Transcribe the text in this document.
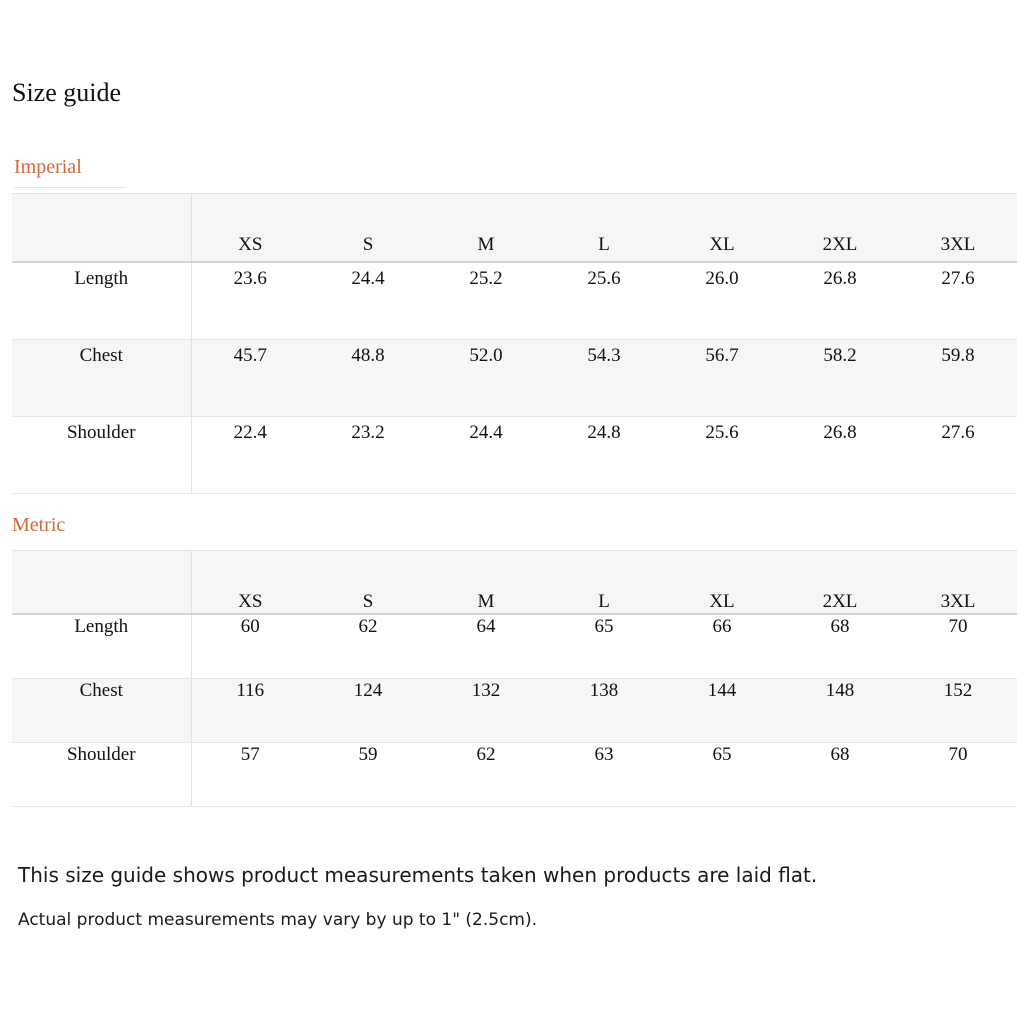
Size guide
Imperial
	XS	S	M	L	XL	2XL	3XL
Length	23.6	24.4	25.2	25.6	26.0	26.8	27.6
Chest	45.7	48.8	52.0	54.3	56.7	58.2	59.8
Shoulder	22.4	23.2	24.4	24.8	25.6	26.8	27.6
Metric
	XS	S	M	L	XL	2XL	3XL
Length	60	62	64	65	66	68	70
Chest	116	124	132	138	144	148	152
Shoulder	57	59	62	63	65	68	70
This size guide shows product measurements taken when products are laid flat.
Actual product measurements may vary by up to 1" (2.5cm).
